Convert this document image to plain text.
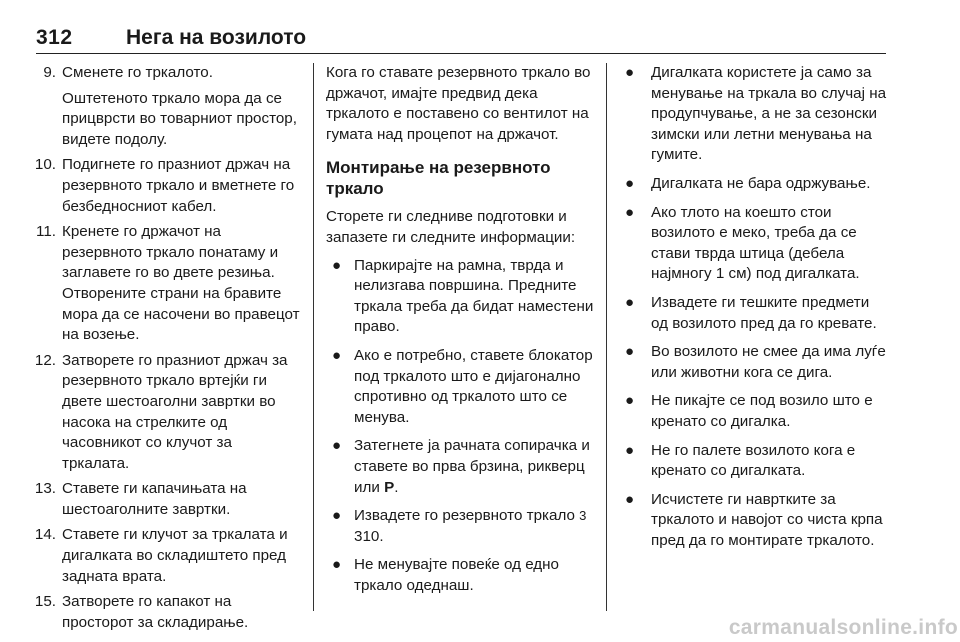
312	Нега на возилото
9. Сменете го тркалото.

Оштетеното тркало мора да се прицврсти во товарниот простор, видете подолу.

10. Подигнете го празниот држач на резервното тркало и вметнете го безбедносниот кабел.

11. Кренете го држачот на резервното тркало понатаму и заглавете го во двете резињa. Отворените страни на бравите мора да се насочени во правецот на возење.

12. Затворете го празниот држач за резервното тркало вртејќи ги двете шестоаголни завртки во насока на стрелките од часовникот со клучот за тркалата.

13. Ставете ги капачињата на шестоаголните завртки.

14. Ставете ги клучот за тркалата и дигалката во складиштето пред задната врата.

15. Затворете го капакот на просторот за складирање.

Кога го ставате резервното тркало во држачот, имајте предвид дека тркалото е поставено со вентилот на гумата над процепот на држачот.

Монтирање на резервното тркало

Сторете ги следниве подготовки и запазете ги следните информации:

● Паркирајте на рамна, тврда и нелизгава површина. Предните тркала треба да бидат наместени право.

● Ако е потребно, ставете блокатор под тркалото што е дијагонално спротивно од тркалото што се менува.

● Затегнете ја рачната сопирачка и ставете во прва брзина, рикверц или P.

● Извадете го резервното тркало 3 310.

● Не менувајте повеќе од едно тркало одеднаш.

● Дигалката користете ја само за менување на тркала во случај на продупчување, а не за сезонски зимски или летни менувања на гумите.

● Дигалката не бара одржување.

● Ако тлото на коешто стои возилото е меко, треба да се стави тврда штица (дебела најмногу 1 см) под дигалката.

● Извадете ги тешките предмети од возилото пред да го кревате.

● Во возилото не смее да има луѓе или животни кога се дига.

● Не пикајте се под возило што е кренато со дигалка.

● Не го палете возилото кога е кренато со дигалката.

● Исчистете ги навртките за тркалото и навојот со чиста крпа пред да го монтирате тркалото.

carmanualsonline.info
